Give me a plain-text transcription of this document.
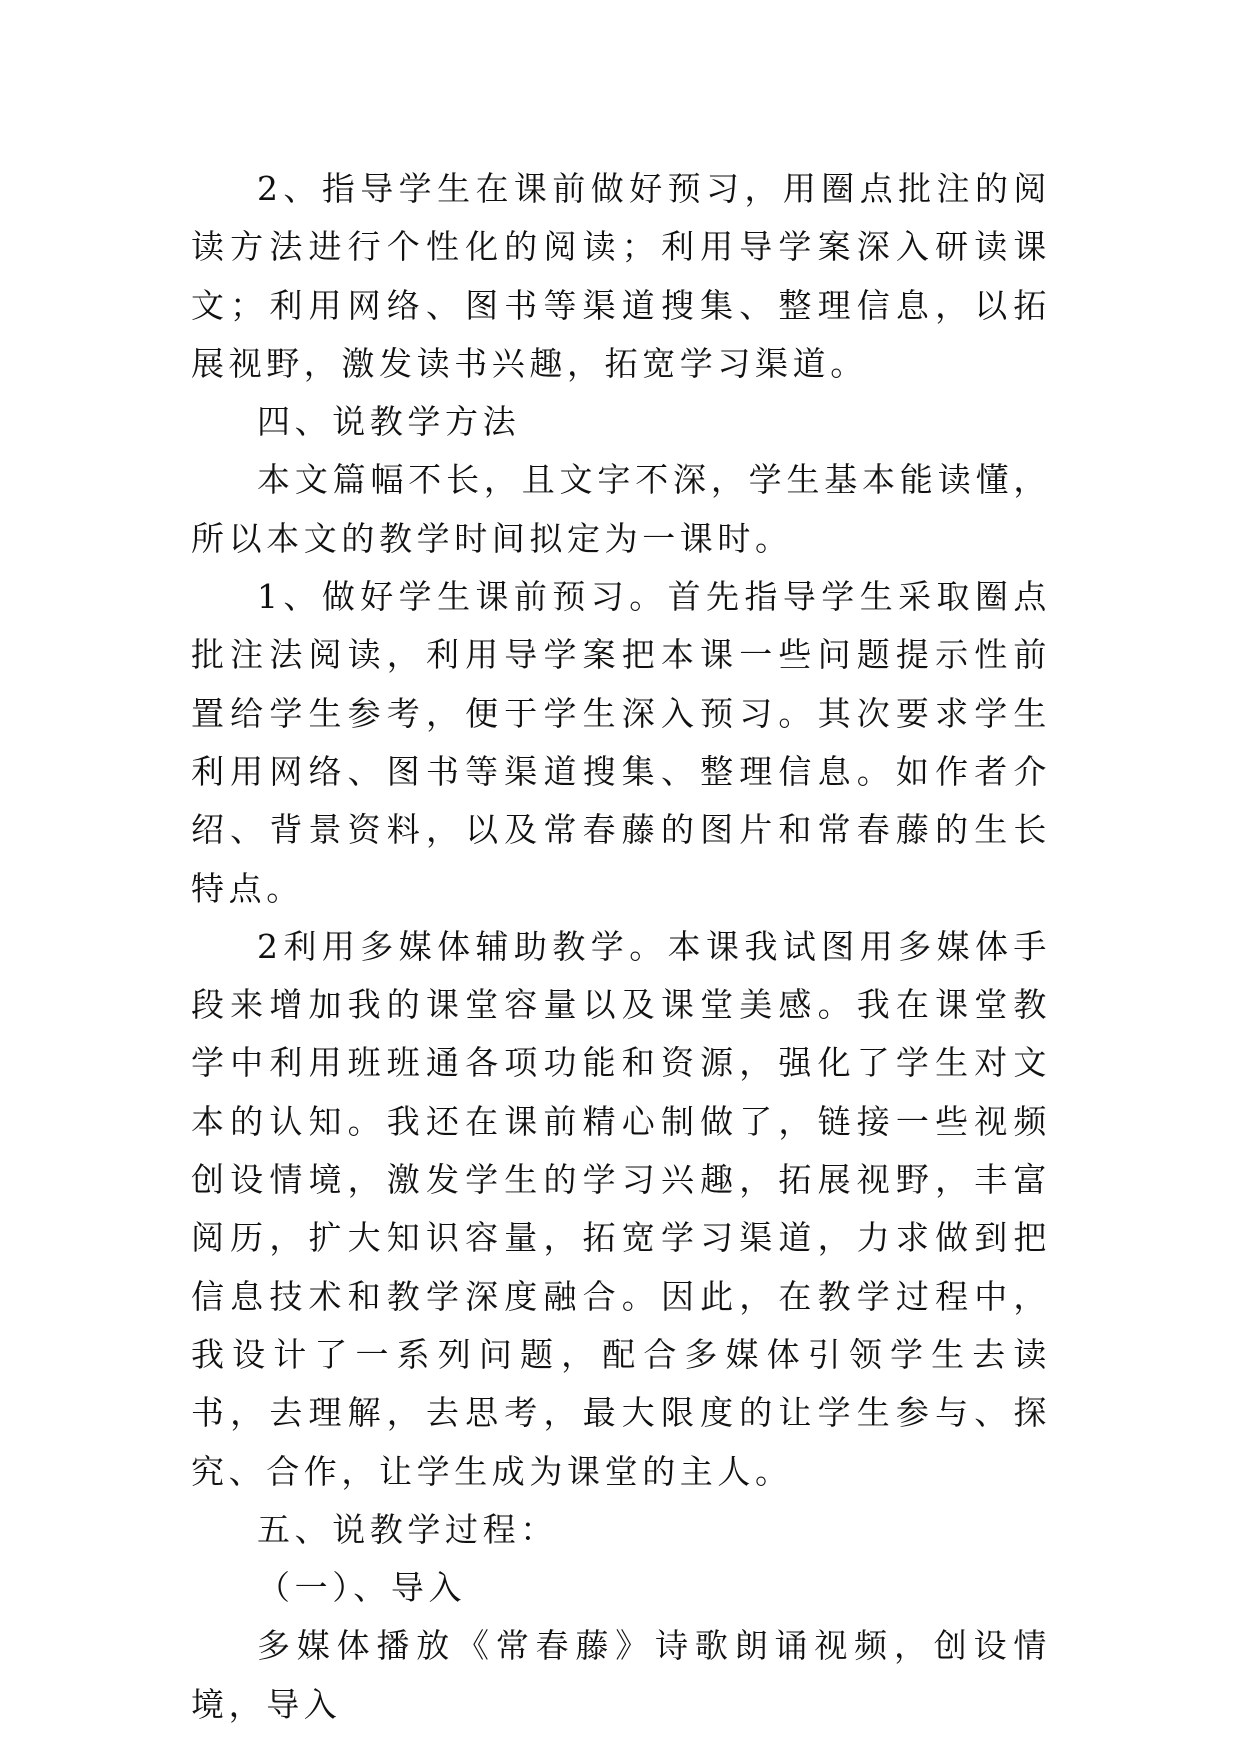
2、指导学生在课前做好预习，用圈点批注的阅读方法进行个性化的阅读；利用导学案深入研读课文；利用网络、图书等渠道搜集、整理信息，以拓展视野，激发读书兴趣，拓宽学习渠道。

四、说教学方法

本文篇幅不长，且文字不深，学生基本能读懂，所以本文的教学时间拟定为一课时。

1、做好学生课前预习。首先指导学生采取圈点批注法阅读，利用导学案把本课一些问题提示性前置给学生参考，便于学生深入预习。其次要求学生利用网络、图书等渠道搜集、整理信息。如作者介绍、背景资料，以及常春藤的图片和常春藤的生长特点。

2利用多媒体辅助教学。本课我试图用多媒体手段来增加我的课堂容量以及课堂美感。我在课堂教学中利用班班通各项功能和资源，强化了学生对文本的认知。我还在课前精心制做了，链接一些视频创设情境，激发学生的学习兴趣，拓展视野，丰富阅历，扩大知识容量，拓宽学习渠道，力求做到把信息技术和教学深度融合。因此，在教学过程中，我设计了一系列问题，配合多媒体引领学生去读书，去理解，去思考，最大限度的让学生参与、探究、合作，让学生成为课堂的主人。

五、说教学过程：

（一）、导入

多媒体播放《常春藤》诗歌朗诵视频，创设情境，导入
